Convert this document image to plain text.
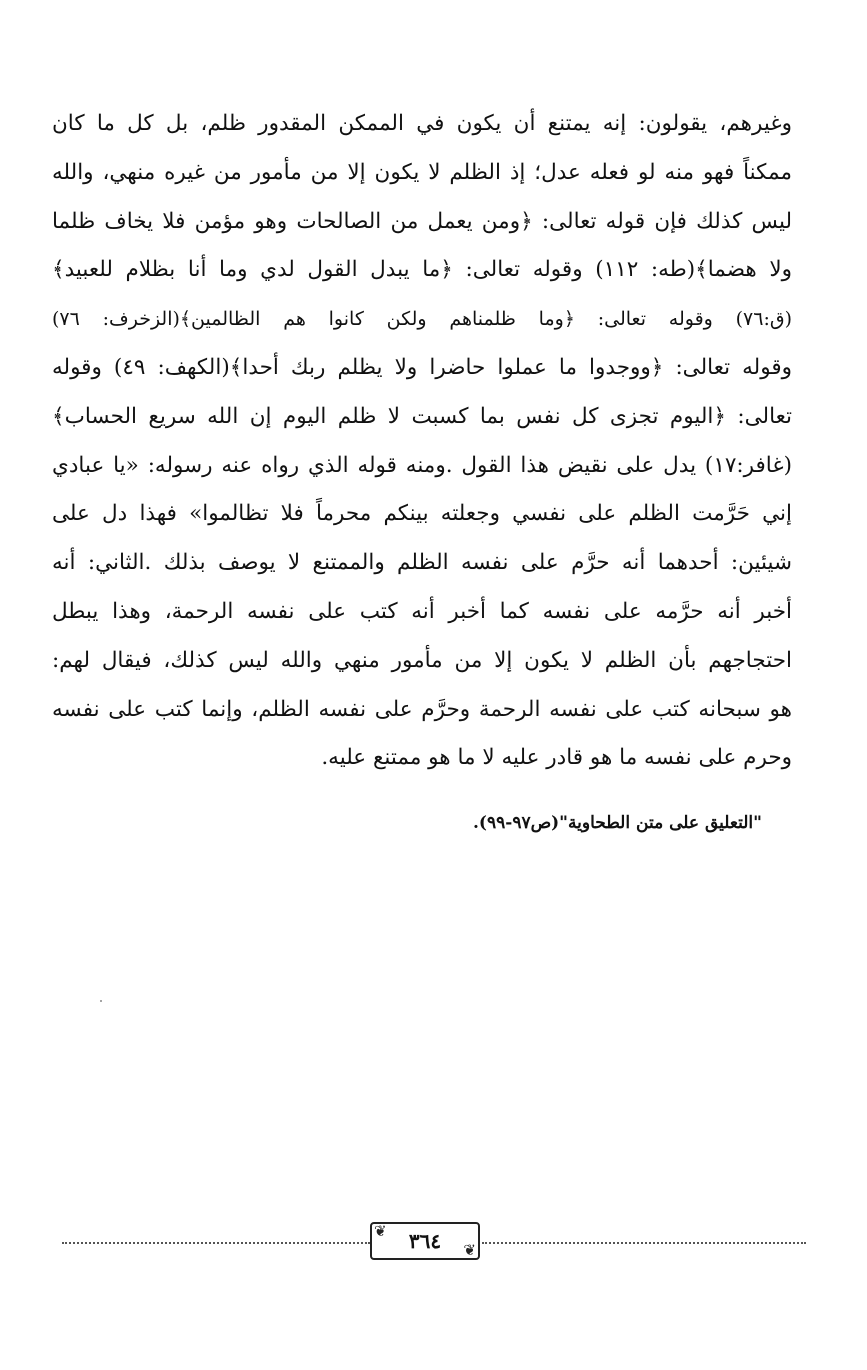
وغيرهم، يقولون: إنه يمتنع أن يكون في الممكن المقدور ظلم، بل كل ما كان
ممكناً فهو منه لو فعله عدل؛ إذ الظلم لا يكون إلا من مأمور من غيره منهي، والله
ليس كذلك فإن قوله تعالى: ﴿ومن يعمل من الصالحات وهو مؤمن فلا يخاف ظلما
ولا هضما﴾(طه: ١١٢) وقوله تعالى: ﴿ما يبدل القول لدي وما أنا بظلام للعبيد﴾
(ق:٧٦) وقوله تعالى: ﴿وما ظلمناهم ولكن كانوا هم الظالمين﴾(الزخرف: ٧٦)
وقوله تعالى: ﴿ووجدوا ما عملوا حاضرا ولا يظلم ربك أحدا﴾(الكهف: ٤٩) وقوله
تعالى: ﴿اليوم تجزى كل نفس بما كسبت لا ظلم اليوم إن الله سريع الحساب﴾
(غافر:١٧) يدل على نقيض هذا القول .ومنه قوله الذي رواه عنه رسوله: «يا عبادي
إني حَرَّمت الظلم على نفسي وجعلته بينكم محرماً فلا تظالموا» فهذا دل على
شيئين: أحدهما أنه حرَّم على نفسه الظلم والممتنع لا يوصف بذلك .الثاني: أنه
أخبر أنه حرَّمه على نفسه كما أخبر أنه كتب على نفسه الرحمة، وهذا يبطل
احتجاجهم بأن الظلم لا يكون إلا من مأمور منهي والله ليس كذلك، فيقال لهم:
هو سبحانه كتب على نفسه الرحمة وحرَّم على نفسه الظلم، وإنما كتب على نفسه
وحرم على نفسه ما هو قادر عليه لا ما هو ممتنع عليه.
"التعليق على متن الطحاوية"(ص٩٧-٩٩).
❦ ٣٦٤ ❦
